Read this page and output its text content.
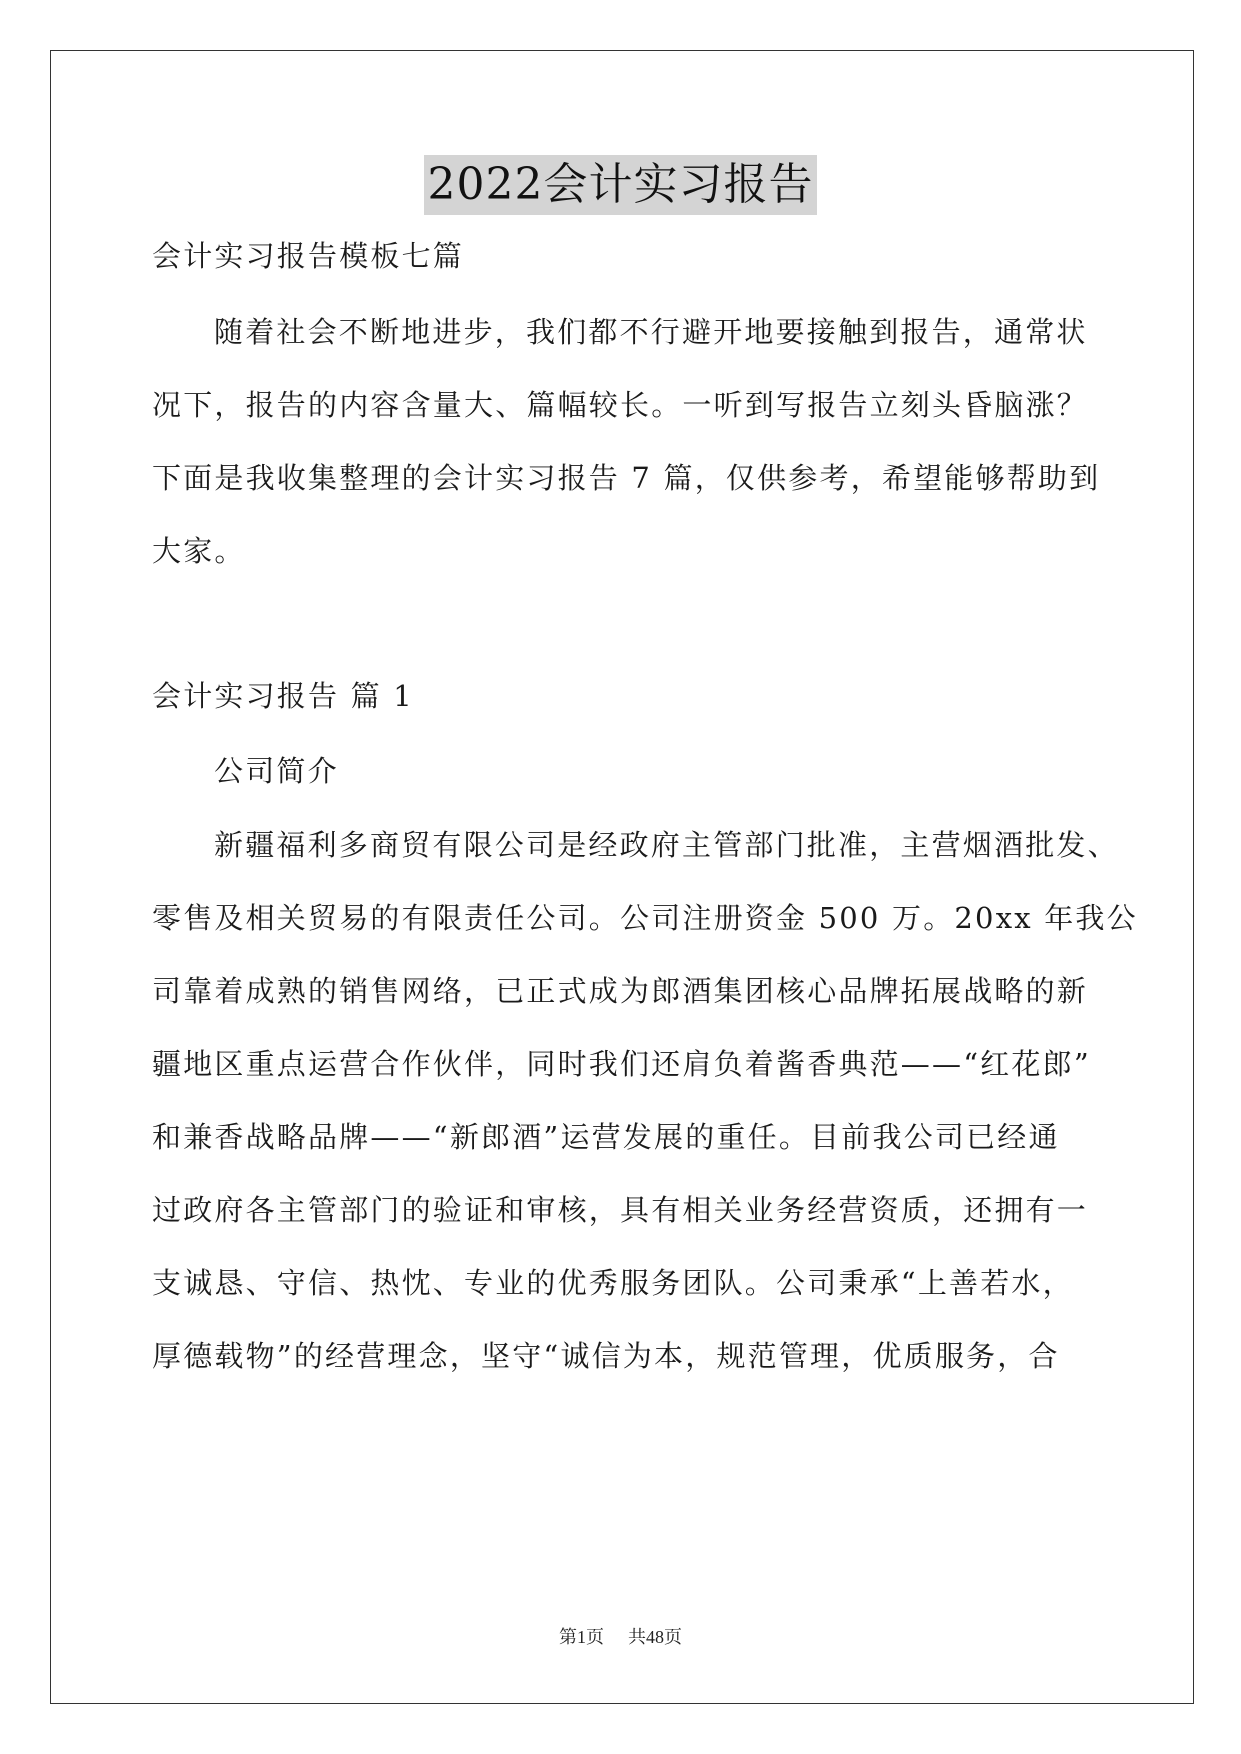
2022会计实习报告
会计实习报告模板七篇
随着社会不断地进步，我们都不行避开地要接触到报告，通常状
况下，报告的内容含量大、篇幅较长。一听到写报告立刻头昏脑涨？
下面是我收集整理的会计实习报告 7 篇，仅供参考，希望能够帮助到
大家。
会计实习报告 篇 1
公司简介
新疆福利多商贸有限公司是经政府主管部门批准，主营烟酒批发、
零售及相关贸易的有限责任公司。公司注册资金 500 万。20xx 年我公
司靠着成熟的销售网络，已正式成为郎酒集团核心品牌拓展战略的新
疆地区重点运营合作伙伴，同时我们还肩负着酱香典范——“红花郎”
和兼香战略品牌——“新郎酒”运营发展的重任。目前我公司已经通
过政府各主管部门的验证和审核，具有相关业务经营资质，还拥有一
支诚恳、守信、热忱、专业的优秀服务团队。公司秉承“上善若水，
厚德载物”的经营理念，坚守“诚信为本，规范管理，优质服务，合
第1页 共48页
